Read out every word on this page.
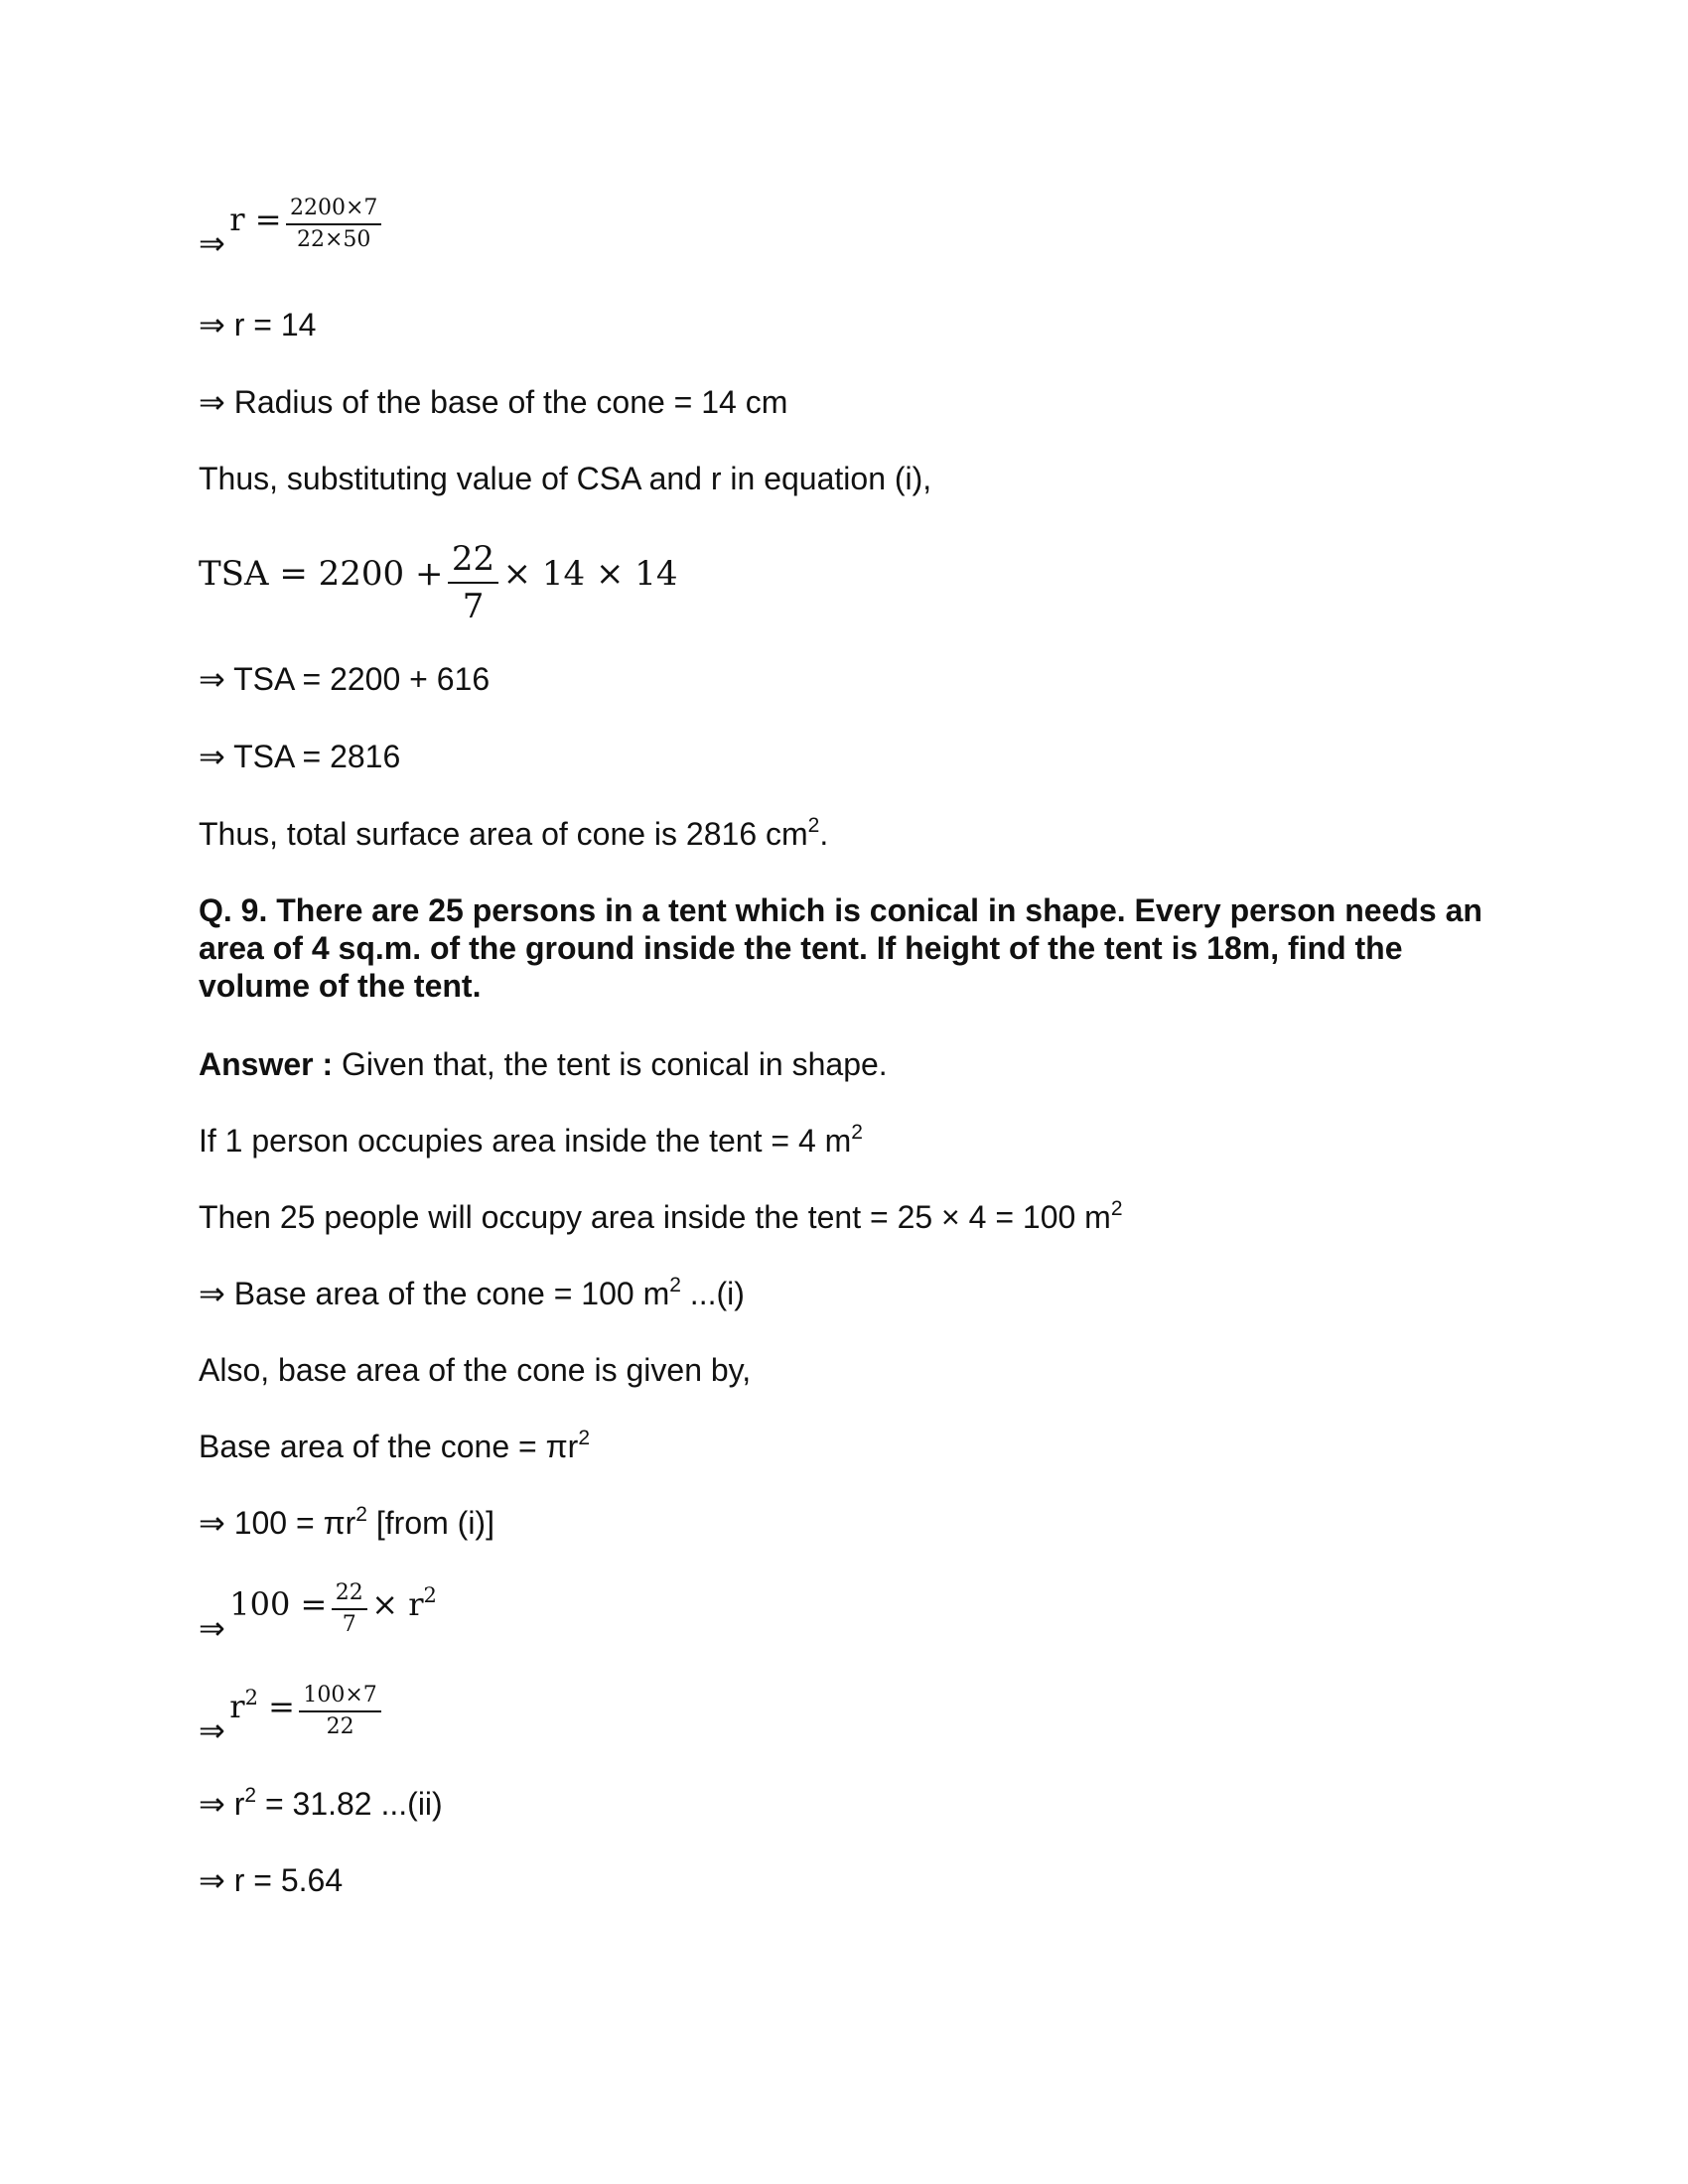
⇒ $r = \frac{2200\times 7}{22\times 50}$
⇒ r = 14
⇒ Radius of the base of the cone = 14 cm
Thus, substituting value of CSA and r in equation (i),
TSA = $2200 + \frac{22}{7} \times 14 \times 14$
⇒ TSA = 2200 + 616
⇒ TSA = 2816
Thus, total surface area of cone is 2816 $cm^2$.
Q. 9. There are 25 persons in a tent which is conical in shape. Every person needs an area of 4 sq.m. of the ground inside the tent. If height of the tent is 18m, find the volume of the tent.
Answer : Given that, the tent is conical in shape.
If 1 person occupies area inside the tent = 4 $m^2$
Then 25 people will occupy area inside the tent = 25 × 4 = 100 $m^2$
⇒ Base area of the cone = 100 $m^2$ ...(i)
Also, base area of the cone is given by,
Base area of the cone = $\pi r^2$
⇒ $100 = \pi r^2$ [from (i)]
⇒ $100 = \frac{22}{7} \times r^2$
⇒ $r^2 = \frac{100\times 7}{22}$
⇒ $r^2 = 31.82$ ...(ii)
⇒ r = 5.64
